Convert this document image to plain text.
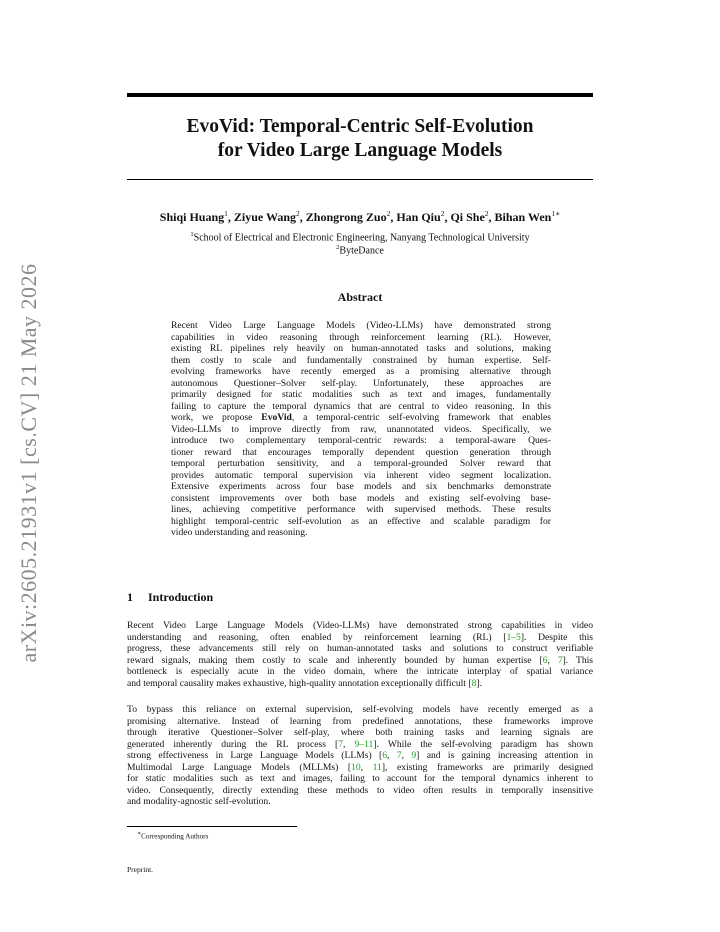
arXiv:2605.21931v1 [cs.CV] 21 May 2026
EvoVid: Temporal-Centric Self-Evolution
for Video Large Language Models
Shiqi Huang$^1$, Ziyue Wang$^2$, Zhongrong Zuo$^2$, Han Qiu$^2$, Qi She$^2$, Bihan Wen$^{1∗}$
$^1$School of Electrical and Electronic Engineering, Nanyang Technological University
$^2$ByteDance
Abstract
Recent Video Large Language Models (Video-LLMs) have demonstrated strong
capabilities in video reasoning through reinforcement learning (RL). However,
existing RL pipelines rely heavily on human-annotated tasks and solutions, making
them costly to scale and fundamentally constrained by human expertise. Self-
evolving frameworks have recently emerged as a promising alternative through
autonomous Questioner–Solver self-play. Unfortunately, these approaches are
primarily designed for static modalities such as text and images, fundamentally
failing to capture the temporal dynamics that are central to video reasoning. In this
work, we propose EvoVid, a temporal-centric self-evolving framework that enables
Video-LLMs to improve directly from raw, unannotated videos. Specifically, we
introduce two complementary temporal-centric rewards: a temporal-aware Ques-
tioner reward that encourages temporally dependent question generation through
temporal perturbation sensitivity, and a temporal-grounded Solver reward that
provides automatic temporal supervision via inherent video segment localization.
Extensive experiments across four base models and six benchmarks demonstrate
consistent improvements over both base models and existing self-evolving base-
lines, achieving competitive performance with supervised methods. These results
highlight temporal-centric self-evolution as an effective and scalable paradigm for
video understanding and reasoning.
1 Introduction
Recent Video Large Language Models (Video-LLMs) have demonstrated strong capabilities in video
understanding and reasoning, often enabled by reinforcement learning (RL) [1–5]. Despite this
progress, these advancements still rely on human-annotated tasks and solutions to construct verifiable
reward signals, making them costly to scale and inherently bounded by human expertise [6, 7]. This
bottleneck is especially acute in the video domain, where the intricate interplay of spatial variance
and temporal causality makes exhaustive, high-quality annotation exceptionally difficult [8].
To bypass this reliance on external supervision, self-evolving models have recently emerged as a
promising alternative. Instead of learning from predefined annotations, these frameworks improve
through iterative Questioner–Solver self-play, where both training tasks and learning signals are
generated inherently during the RL process [7, 9–11]. While the self-evolving paradigm has shown
strong effectiveness in Large Language Models (LLMs) [6, 7, 9] and is gaining increasing attention in
Multimodal Large Language Models (MLLMs) [10, 11], existing frameworks are primarily designed
for static modalities such as text and images, failing to account for the temporal dynamics inherent to
video. Consequently, directly extending these methods to video often results in temporally insensitive
and modality-agnostic self-evolution.
∗Corresponding Authors
Preprint.
